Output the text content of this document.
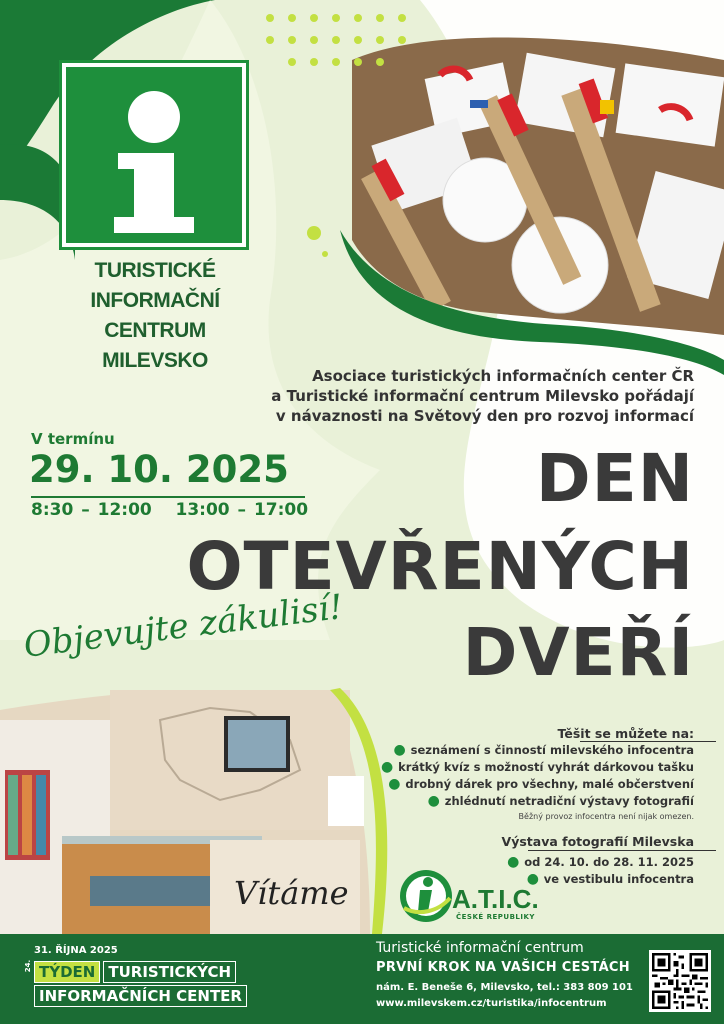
TURISTICKÉ
INFORMAČNÍ CENTRUM
MILEVSKO
Asociace turistických informačních center ČR
a Turistické informační centrum Milevsko pořádají
v návaznosti na Světový den pro rozvoj informací
V termínu
29. 10. 2025
8:30 – 12:00   13:00 – 17:00	DEN
OTEVŘENÝCH
DVEŘÍ
Objevujte zákulisí!
Vítáme
Těšit se můžete na:
● seznámení s činností milevského infocentra
● krátký kvíz s možností vyhrát dárkovou tašku
● drobný dárek pro všechny, malé občerstvení
● zhlédnutí netradiční výstavy fotografií
Běžný provoz infocentra není nijak omezen.
Výstava fotografií Milevska
● od 24. 10. do 28. 11. 2025
● ve vestibulu infocentra
A.T.I.C.
ČESKÉ REPUBLIKY
31. ŘÍJNA 2025
24. TÝDEN TURISTICKÝCH
INFORMAČNÍCH CENTER
Turistické informační centrum
PRVNÍ KROK NA VAŠICH CESTÁCH
nám. E. Beneše 6, Milevsko, tel.: 383 809 101
www.milevskem.cz/turistika/infocentrum
